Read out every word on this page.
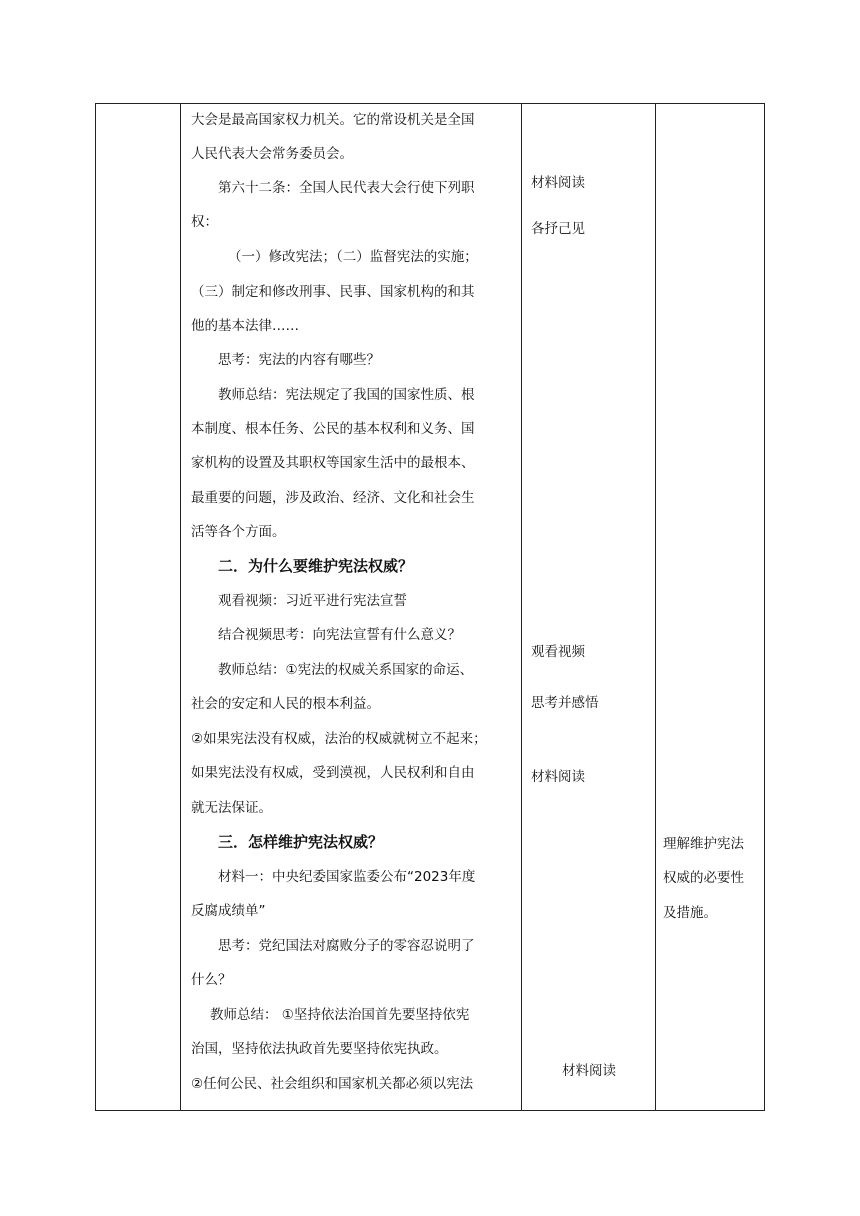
大会是最高国家权力机关。它的常设机关是全国
人民代表大会常务委员会。
第六十二条：全国人民代表大会行使下列职
权：
（一）修改宪法；（二）监督宪法的实施；
（三）制定和修改刑事、民事、国家机构的和其
他的基本法律……
思考：宪法的内容有哪些？
教师总结：宪法规定了我国的国家性质、根
本制度、根本任务、公民的基本权利和义务、国
家机构的设置及其职权等国家生活中的最根本、
最重要的问题，涉及政治、经济、文化和社会生
活等各个方面。
二．为什么要维护宪法权威？
观看视频：习近平进行宪法宣誓
结合视频思考：向宪法宣誓有什么意义？
教师总结：①宪法的权威关系国家的命运、
社会的安定和人民的根本利益。
②如果宪法没有权威，法治的权威就树立不起来；
如果宪法没有权威，受到漠视，人民权利和自由
就无法保证。
三．怎样维护宪法权威？
材料一：中央纪委国家监委公布“2023年度
反腐成绩单”
思考：党纪国法对腐败分子的零容忍说明了
什么？
教师总结： ①坚持依法治国首先要坚持依宪
治国，坚持依法执政首先要坚持依宪执政。
②任何公民、社会组织和国家机关都必须以宪法
材料阅读
各抒己见
观看视频
思考并感悟
材料阅读
材料阅读
理解维护宪法
权威的必要性
及措施。
